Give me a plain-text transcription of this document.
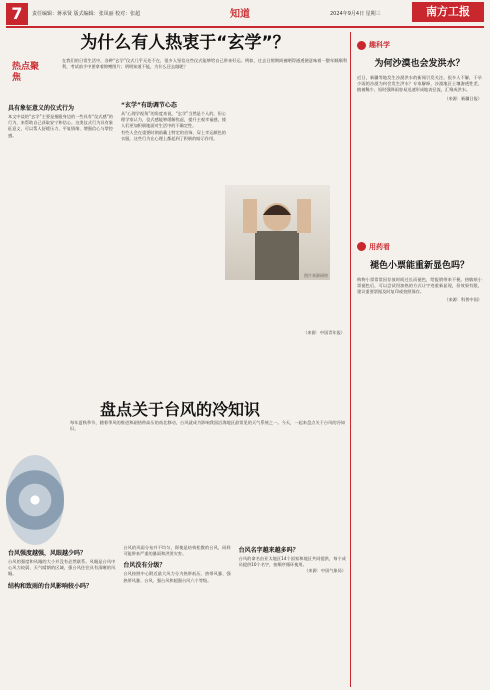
7	责任编辑：蒋承贤 版式编辑：张凤丽 校对：张超	知道	2024年9月4日 星期三	南方工报
为什么有人热衷于“玄学”？
热点聚焦
在我们的日常生活中，各种“玄学”仪式几乎无处不在，很多人坚信这些仪式能够给自己带来好运。例如，过去日照期间被晒得通透便意味着一整年顺顺利利，考试前手中要拿着锦鲤图片；明明知道不能，为什么还去做呢？
具有象征意义的仪式行为
本文中谈的“玄学”主要是指跟身边的一些具有“仪式感”的行为，来帮助自己获取安宁和信心。这类仪式行为具有象征意义，可以帮人舒缓压力、平复情绪、增强信心与掌控感。
“玄学”有助调节心态
从“心理学视角”的角度来说，“玄学”当然是个人的，但心理学家认为，仪式感能够缓解焦虑，提升主观幸福感，使人们更加积极地面对生活中的不确定性。
有些人会在重要时刻前戴上特定的首饰、穿上幸运颜色的衣服，这些行为在心理上都起到了积极的暗示作用。
图片来源网络
（来源：中国青年报）
盘点关于台风的冷知识
每年夏秋季节，随着季风的推进和副热带高压的南北移动，台风就成为影响我国沿海地区最常见的天气系统之一。今天，一起来盘点关于台风的冷知识。
台风强度越强，风眼越少吗？
台风的强度和风眼的大小并没有必然联系。风眼是台风中心风力较弱、天气晴朗的区域，强台风往往具有清晰的风眼。
结构和致雨的台风影响较小吗？
台风的风雨分布并不均匀，即使是结构松散的台风，同样可能带来严重的暴雨和洪涝灾害。
台风没有分级？
台风按照中心附近最大风力分为热带低压、热带风暴、强热带风暴、台风、强台风和超强台风六个等级。
台风名字越来越多吗？
台风的命名由亚太地区14个国家和地区共同提供，每个成员提供10个名字，按顺序循环使用。
（来源：中国气象局）
趣科学
为何沙漠也会发洪水？
近日，新疆等地发生沙漠洪水的新闻引发关注。很多人不解，干旱少雨的沙漠为何会发生洪水？专家解释，沙漠地区土壤渗透性差，植被稀少，短时强降雨容易迅速形成地表径流，汇聚成洪水。
（来源：新疆日报）
用药看
褪色小票能重新显色吗？
购物小票常常因存放时间过长而褪色，给报销带来不便。热敏纸小票褪色后，可以尝试用加热的方式让字迹重新显现，但效果有限，建议重要票据及时复印或拍照保存。
（来源：科普中国）
